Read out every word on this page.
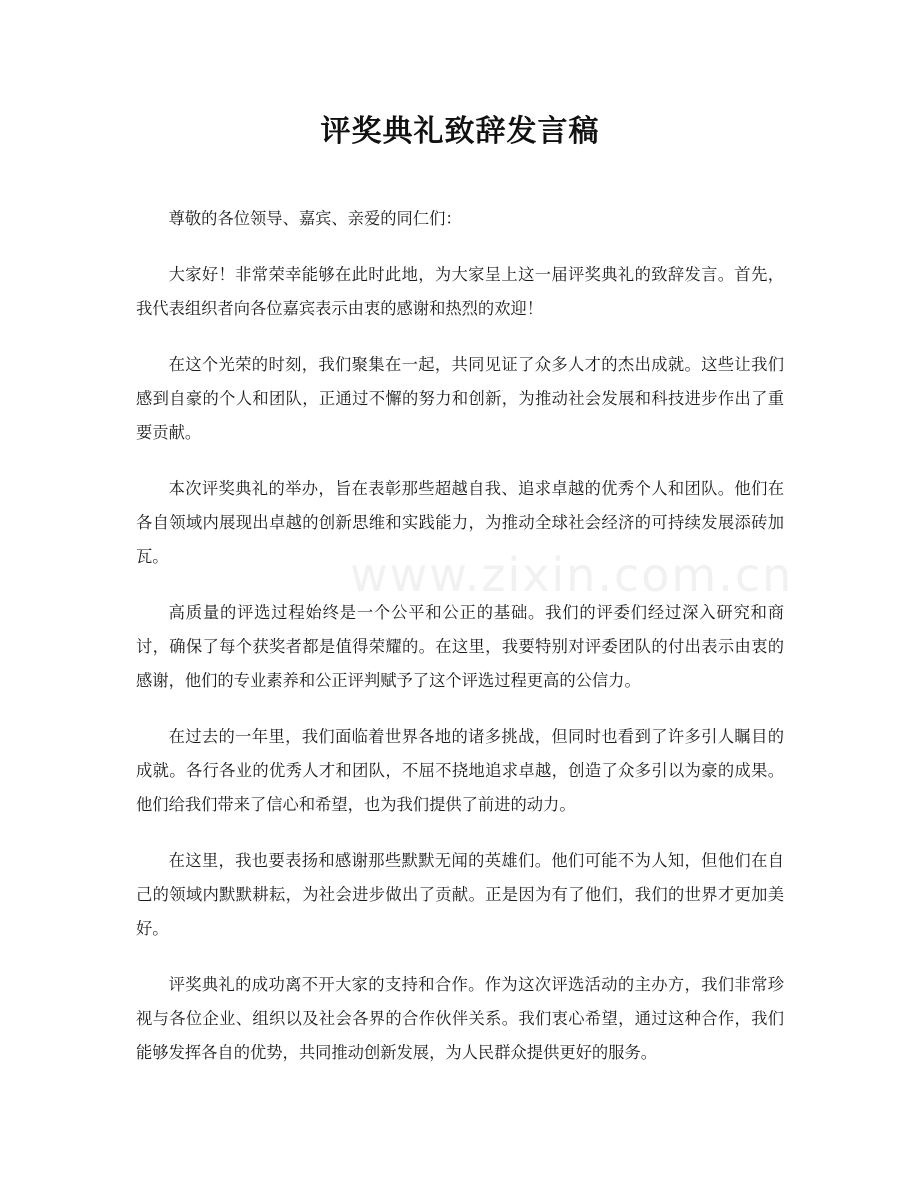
评奖典礼致辞发言稿

尊敬的各位领导、嘉宾、亲爱的同仁们：

大家好！非常荣幸能够在此时此地，为大家呈上这一届评奖典礼的致辞发言。首先，我代表组织者向各位嘉宾表示由衷的感谢和热烈的欢迎！

在这个光荣的时刻，我们聚集在一起，共同见证了众多人才的杰出成就。这些让我们感到自豪的个人和团队，正通过不懈的努力和创新，为推动社会发展和科技进步作出了重要贡献。

本次评奖典礼的举办，旨在表彰那些超越自我、追求卓越的优秀个人和团队。他们在各自领域内展现出卓越的创新思维和实践能力，为推动全球社会经济的可持续发展添砖加瓦。

高质量的评选过程始终是一个公平和公正的基础。我们的评委们经过深入研究和商讨，确保了每个获奖者都是值得荣耀的。在这里，我要特别对评委团队的付出表示由衷的感谢，他们的专业素养和公正评判赋予了这个评选过程更高的公信力。

在过去的一年里，我们面临着世界各地的诸多挑战，但同时也看到了许多引人瞩目的成就。各行各业的优秀人才和团队，不屈不挠地追求卓越，创造了众多引以为豪的成果。他们给我们带来了信心和希望，也为我们提供了前进的动力。

在这里，我也要表扬和感谢那些默默无闻的英雄们。他们可能不为人知，但他们在自己的领域内默默耕耘，为社会进步做出了贡献。正是因为有了他们，我们的世界才更加美好。

评奖典礼的成功离不开大家的支持和合作。作为这次评选活动的主办方，我们非常珍视与各位企业、组织以及社会各界的合作伙伴关系。我们衷心希望，通过这种合作，我们能够发挥各自的优势，共同推动创新发展，为人民群众提供更好的服务。

www.zixin.com.cn
